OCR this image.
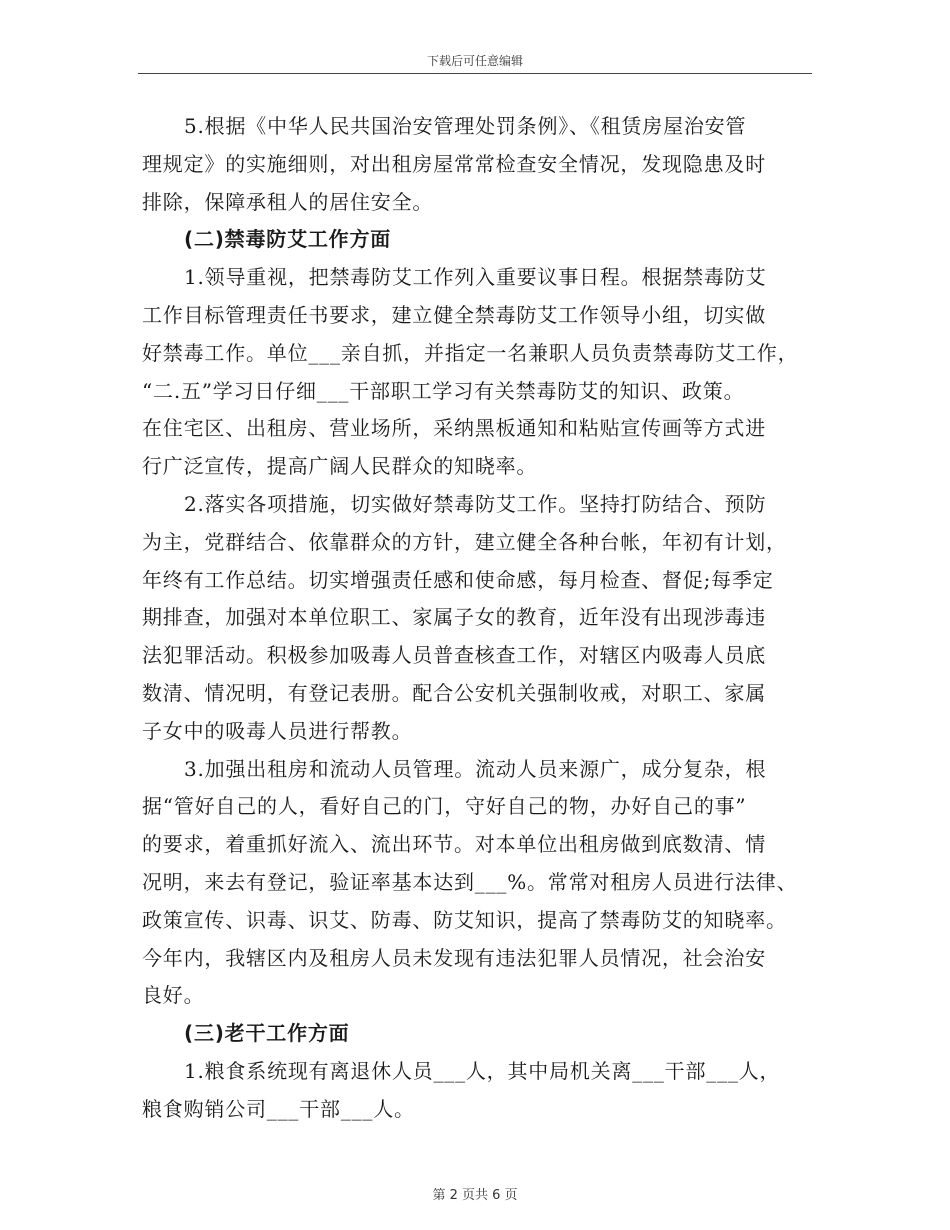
下载后可任意编辑
5.根据《中华人民共国治安管理处罚条例》、《租赁房屋治安管
理规定》的实施细则，对出租房屋常常检查安全情况，发现隐患及时
排除，保障承租人的居住安全。
(二)禁毒防艾工作方面
1.领导重视，把禁毒防艾工作列入重要议事日程。根据禁毒防艾
工作目标管理责任书要求，建立健全禁毒防艾工作领导小组，切实做
好禁毒工作。单位___亲自抓，并指定一名兼职人员负责禁毒防艾工作，
“二.五”学习日仔细___干部职工学习有关禁毒防艾的知识、政策。
在住宅区、出租房、营业场所，采纳黑板通知和粘贴宣传画等方式进
行广泛宣传，提高广阔人民群众的知晓率。
2.落实各项措施，切实做好禁毒防艾工作。坚持打防结合、预防
为主，党群结合、依靠群众的方针，建立健全各种台帐，年初有计划，
年终有工作总结。切实增强责任感和使命感，每月检查、督促;每季定
期排查，加强对本单位职工、家属子女的教育，近年没有出现涉毒违
法犯罪活动。积极参加吸毒人员普查核查工作，对辖区内吸毒人员底
数清、情况明，有登记表册。配合公安机关强制收戒，对职工、家属
子女中的吸毒人员进行帮教。
3.加强出租房和流动人员管理。流动人员来源广，成分复杂，根
据“管好自己的人，看好自己的门，守好自己的物，办好自己的事”
的要求，着重抓好流入、流出环节。对本单位出租房做到底数清、情
况明，来去有登记，验证率基本达到___%。常常对租房人员进行法律、
政策宣传、识毒、识艾、防毒、防艾知识，提高了禁毒防艾的知晓率。
今年内，我辖区内及租房人员未发现有违法犯罪人员情况，社会治安
良好。
(三)老干工作方面
1.粮食系统现有离退休人员___人，其中局机关离___干部___人，
粮食购销公司___干部___人。
第 2 页共 6 页
